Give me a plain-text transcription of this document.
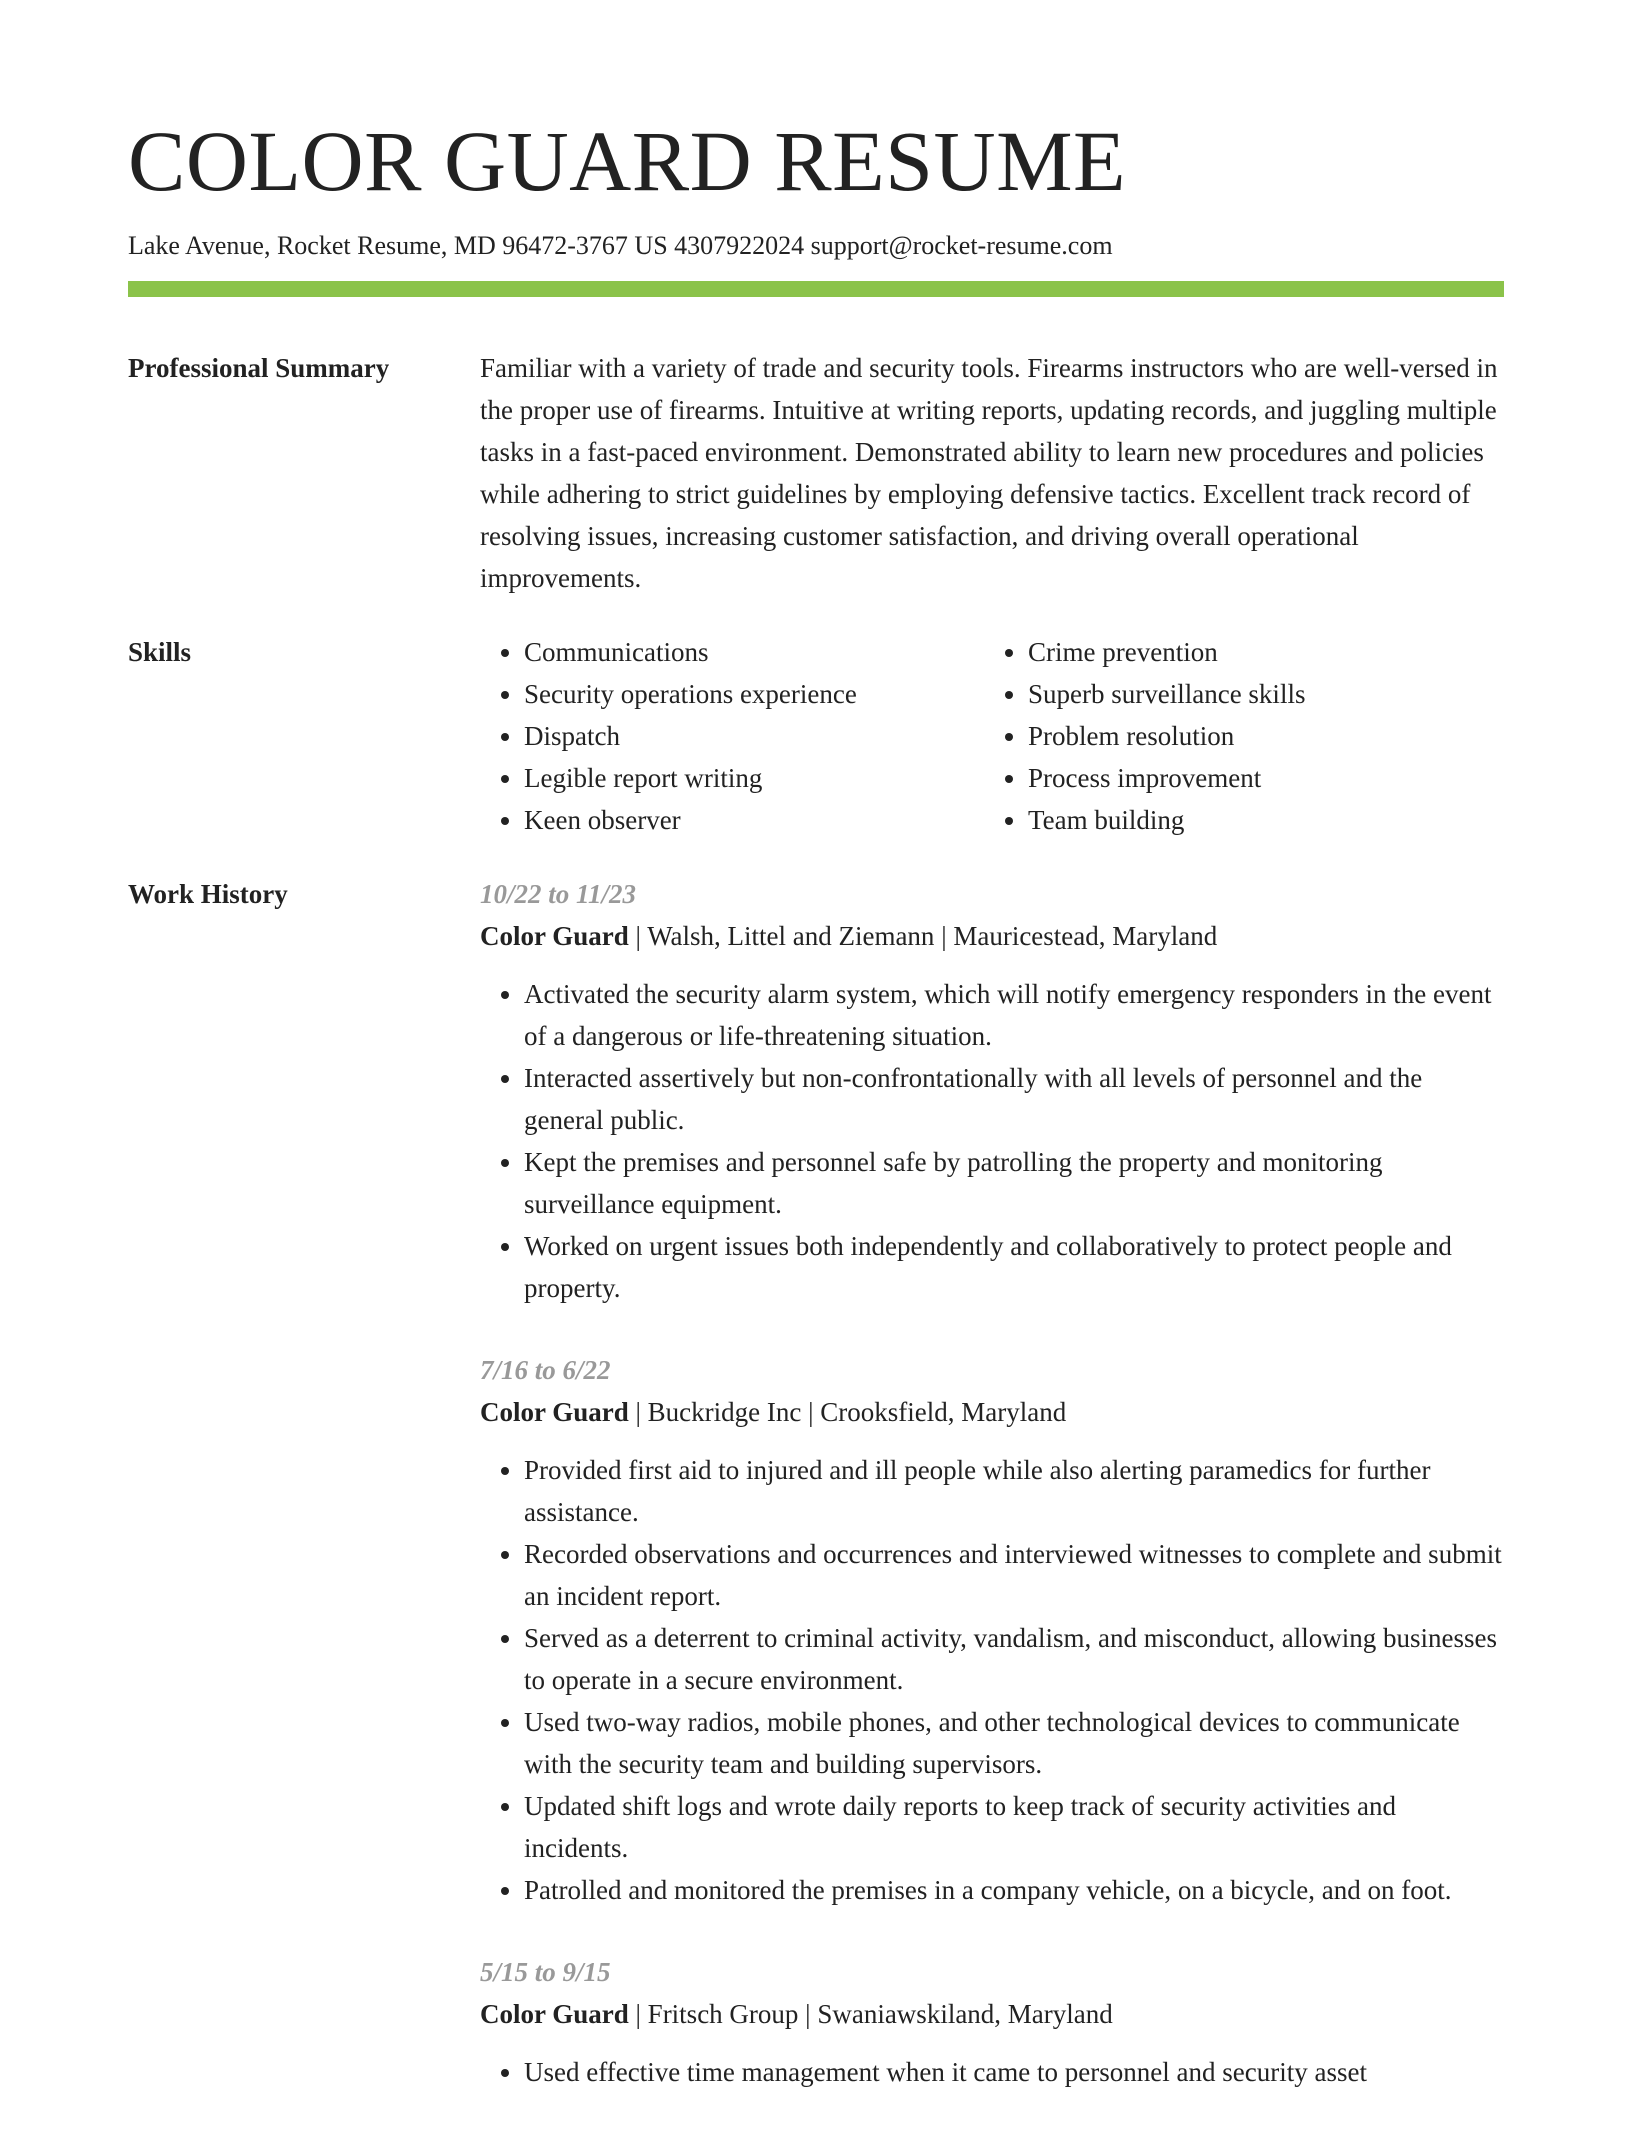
COLOR GUARD RESUME
Lake Avenue, Rocket Resume, MD 96472-3767 US 4307922024 support@rocket-resume.com
Professional Summary	Familiar with a variety of trade and security tools. Firearms instructors who are well-versed in the proper use of firearms. Intuitive at writing reports, updating records, and juggling multiple tasks in a fast-paced environment. Demonstrated ability to learn new procedures and policies while adhering to strict guidelines by employing defensive tactics. Excellent track record of resolving issues, increasing customer satisfaction, and driving overall operational improvements.
Skills
•	Communications
• Security operations experience
• Dispatch
• Legible report writing
• Keen observer
• Crime prevention
• Superb surveillance skills
• Problem resolution
• Process improvement
• Team building
Work History	10/22 to 11/23
Color Guard | Walsh, Littel and Ziemann | Mauricestead, Maryland
• Activated the security alarm system, which will notify emergency responders in the event of a dangerous or life-threatening situation.
• Interacted assertively but non-confrontationally with all levels of personnel and the general public.
• Kept the premises and personnel safe by patrolling the property and monitoring surveillance equipment.
• Worked on urgent issues both independently and collaboratively to protect people and property.
7/16 to 6/22
Color Guard | Buckridge Inc | Crooksfield, Maryland
• Provided first aid to injured and ill people while also alerting paramedics for further assistance.
• Recorded observations and occurrences and interviewed witnesses to complete and submit an incident report.
• Served as a deterrent to criminal activity, vandalism, and misconduct, allowing businesses to operate in a secure environment.
• Used two-way radios, mobile phones, and other technological devices to communicate with the security team and building supervisors.
• Updated shift logs and wrote daily reports to keep track of security activities and incidents.
• Patrolled and monitored the premises in a company vehicle, on a bicycle, and on foot.
5/15 to 9/15
Color Guard | Fritsch Group | Swaniawskiland, Maryland
• Used effective time management when it came to personnel and security asset
